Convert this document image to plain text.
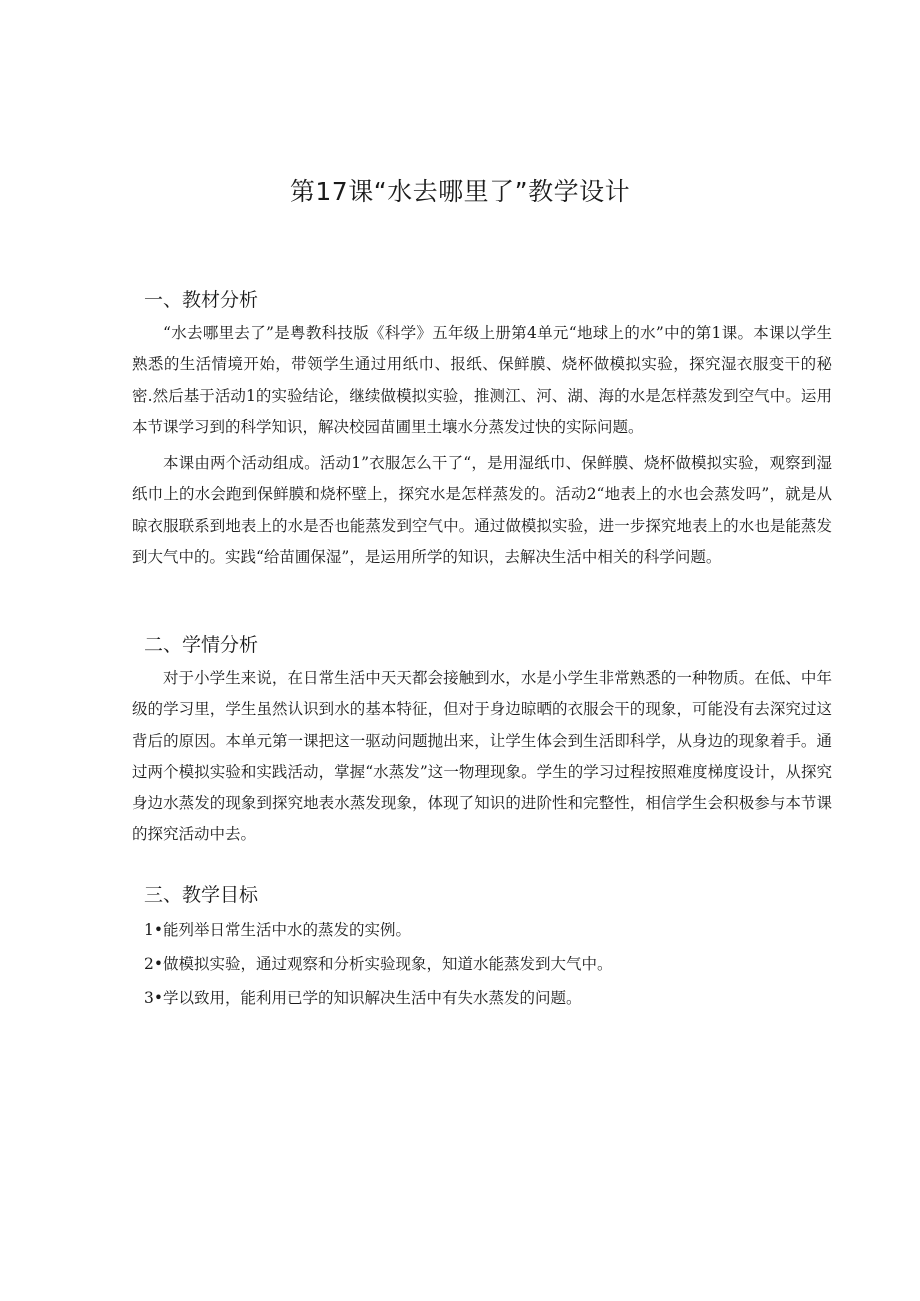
第17课“水去哪里了”教学设计
一、教材分析

“水去哪里去了”是粤教科技版《科学》五年级上册第4单元“地球上的水”中的第1课。本课以学生熟悉的生活情境开始，带领学生通过用纸巾、报纸、保鲜膜、烧杯做模拟实验，探究湿衣服变干的秘密.然后基于活动1的实验结论，继续做模拟实验，推测江、河、湖、海的水是怎样蒸发到空气中。运用本节课学习到的科学知识，解决校园苗圃里土壤水分蒸发过快的实际问题。

本课由两个活动组成。活动1”衣服怎么干了“，是用湿纸巾、保鲜膜、烧杯做模拟实验，观察到湿纸巾上的水会跑到保鲜膜和烧杯壁上，探究水是怎样蒸发的。活动2“地表上的水也会蒸发吗”，就是从晾衣服联系到地表上的水是否也能蒸发到空气中。通过做模拟实验，进一步探究地表上的水也是能蒸发到大气中的。实践“给苗圃保湿”，是运用所学的知识，去解决生活中相关的科学问题。

二、学情分析

对于小学生来说，在日常生活中天天都会接触到水，水是小学生非常熟悉的一种物质。在低、中年级的学习里，学生虽然认识到水的基本特征，但对于身边晾晒的衣服会干的现象，可能没有去深究过这背后的原因。本单元第一课把这一驱动问题抛出来，让学生体会到生活即科学，从身边的现象着手。通过两个模拟实验和实践活动，掌握“水蒸发”这一物理现象。学生的学习过程按照难度梯度设计，从探究身边水蒸发的现象到探究地表水蒸发现象，体现了知识的进阶性和完整性，相信学生会积极参与本节课的探究活动中去。

三、教学目标
1•能列举日常生活中水的蒸发的实例。
2•做模拟实验，通过观察和分析实验现象，知道水能蒸发到大气中。
3•学以致用，能利用已学的知识解决生活中有失水蒸发的问题。
